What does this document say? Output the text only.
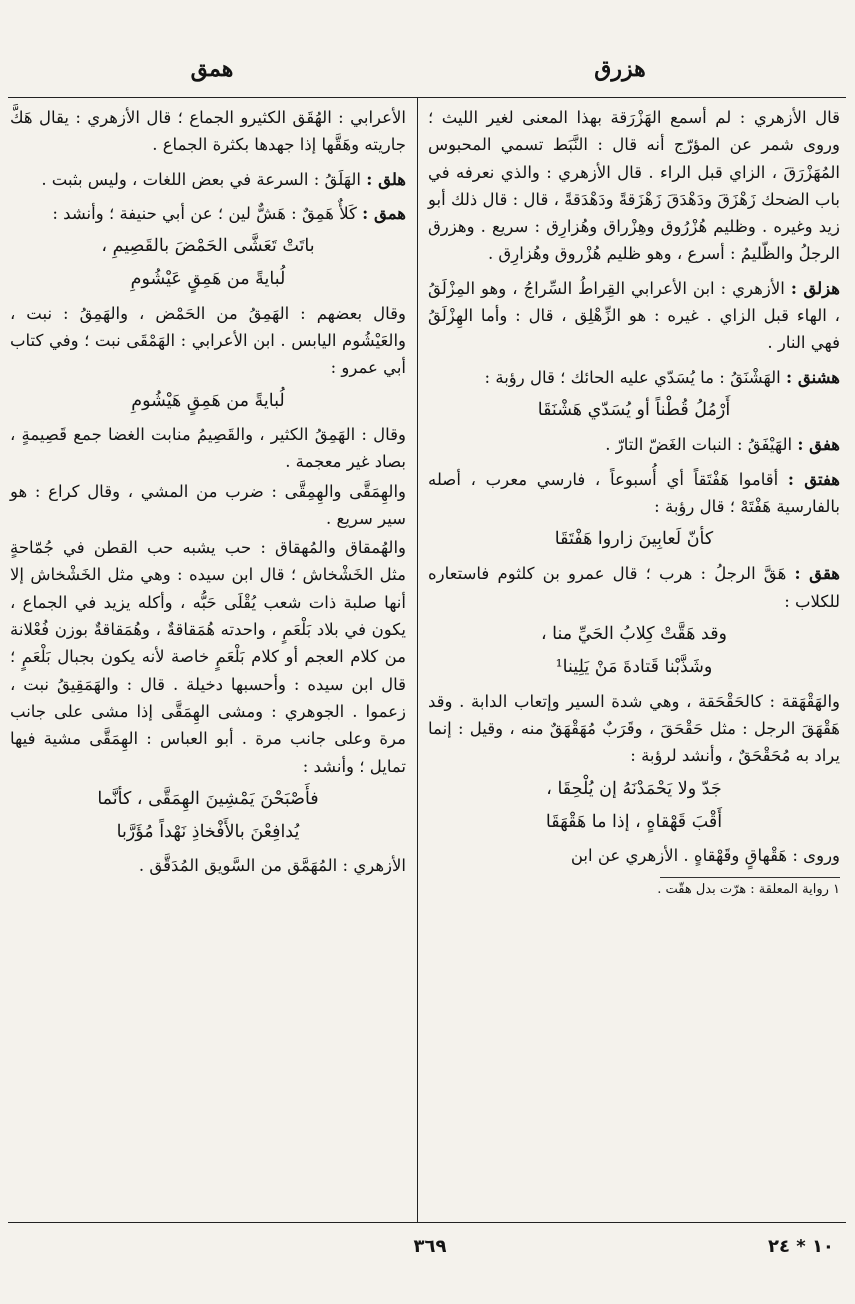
هزرق
همق

قال الأزهري : لم أسمع الهَزْرَقة بهذا المعنى لغير الليث ؛ وروى شمر عن المؤرّج أنه قال : النَّبَط تسمي المحبوس المُهَزْرَقَ ، الزاي قبل الراء . قال الأزهري : والذي نعرفه في باب الضحك زَهْزَقَ ودَهْدَقَ زَهْزَقةً ودَهْدَقةً ، قال : قال ذلك أبو زيد وغيره . وظليم هُزْرُوق وهِزْراق وهُزارِق : سريع . وهزرق الرجلُ والظّليمُ : أسرع ، وهو ظليم هُزْروق وهُزارِق .

هزلق : الأزهري : ابن الأعرابي القِراطُ السِّراجُ ، وهو المِزْلَقُ ، الهاء قبل الزاي . غيره : هو الزِّهْلِق ، قال : وأما الهِزْلَقُ فهي النار .

هشنق : الهَشْنَقُ : ما يُسَدّي عليه الحائك ؛ قال رؤبة :

أَرْمُلُ قُطْناً أو يُسَدّي هَشْنَقَا

هفق : الهَيْفَقُ : النبات الغَضّ التارّ .

هفتق : أقاموا هَفْتَقاً أي أُسبوعاً ، فارسي معرب ، أصله بالفارسية هَفْتَهْ ؛ قال رؤبة :

كأنّ لَعابِينَ زاروا هَفْتَقَا

هقق : هَقَّ الرجلُ : هرب ؛ قال عمرو بن كلثوم فاستعاره للكلاب :

وقد هَقَّتْ كِلابُ الحَيِّ منا ،

وشَذَّبْنا قَتادةَ مَنْ يَلِينا¹

والهَقْهَقة : كالحَقْحَقة ، وهي شدة السير وإتعاب الدابة . وقد هَقْهَقَ الرجل : مثل حَقْحَقَ ، وقَرَبٌ مُهَقْهَقٌ منه ، وقيل : إنما يراد به مُحَقْحَقٌ ، وأنشد لرؤبة :

جَدّ ولا يَحْمَدْنَهُ إن يُلْحِقَا ،

أَقْبَ قَهْقاهٍ ، إذا ما هَقْهَقَا

وروى : هَقْهاقٍ وقَهْقاهٍ . الأزهري عن ابن

١ رواية المعلقة : هرّت بدل هقّت .

الأعرابي : الهُقَق الكثيرو الجماع ؛ قال الأزهري : يقال هَكَّ جاريته وهَقَّها إذا جهدها بكثرة الجماع .

هلق : الهَلَقُ : السرعة في بعض اللغات ، وليس بثبت .

همق : كَلأٌ هَمِقٌ : هَشٌّ لين ؛ عن أبي حنيفة ؛ وأنشد :

باتَتْ تَعَشَّى الحَمْضَ بالقَصِيمِ ،

لُبايةً من هَمِقٍ عَيْشُومِ

وقال بعضهم : الهَمِقُ من الحَمْض ، والهَمِقُ : نبت ، والعَيْشُوم اليابس . ابن الأعرابي : الهَمْقَى نبت ؛ وفي كتاب أبي عمرو :

لُبايةً من هَمِقٍ هَيْشُومِ

وقال : الهَمِقُ الكثير ، والقَصِيمُ منابت الغضا جمع قَصِيمةٍ ، بصاد غير معجمة .

والهِمَقَّى والهِمِقَّى : ضرب من المشي ، وقال كراع : هو سير سريع .

والهُمقاق والمُهقاق : حب يشبه حب القطن في جُمّاحةٍ مثل الخَشْخاش ؛ قال ابن سيده : وهي مثل الخَشْخاش إلا أنها صلبة ذات شعب يُقْلَى حَبُّه ، وأكله يزيد في الجماع ، يكون في بلاد بَلْعَمٍ ، واحدته هُمَقاقةٌ ، وهُمَقاقةٌ بوزن فُعْلانة من كلام العجم أو كلام بَلْعَمٍ خاصة لأنه يكون بجبال بَلْعَمٍ ؛ قال ابن سيده : وأحسبها دخيلة . قال : والهَمَقِيقُ نبت ، زعموا . الجوهري : ومشى الهِمَقَّى إذا مشى على جانب مرة وعلى جانب مرة . أبو العباس : الهِمَقَّى مشية فيها تمايل ؛ وأنشد :

فأَصْبَحْنَ يَمْشِينَ الهِمَقَّى ، كأنَّما

يُدافِعْنَ بالأَفْخاذِ نَهْداً مُؤَرَّبا

الأزهري : المُهَمَّق من السَّويق المُدَقَّق .

٣٦٩	١٠ * ٢٤
